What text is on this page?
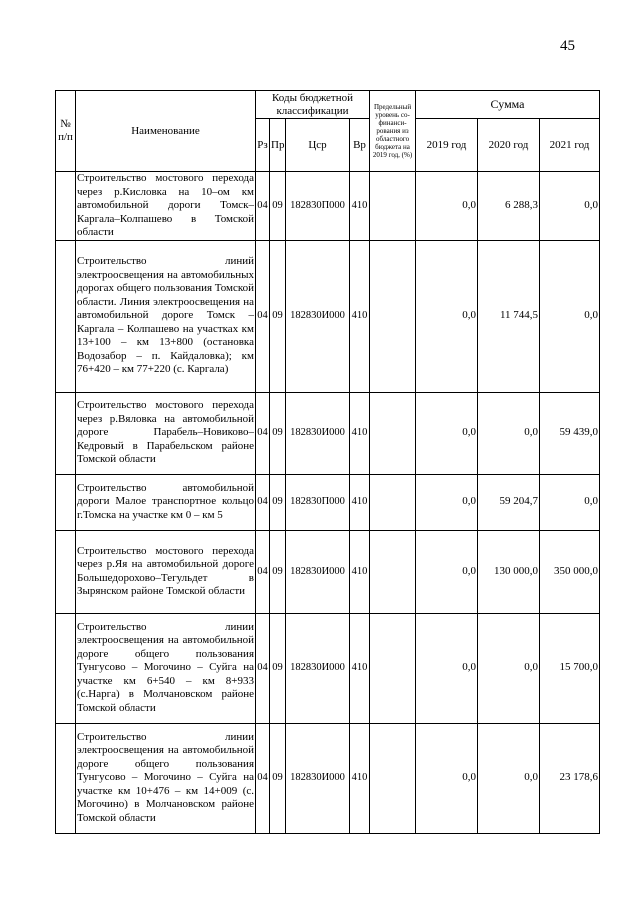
45
№ п/п	Наименование	Коды бюджетной классификации				Предельный уровень со-финанси-рования из областного бюджета на 2019 год, (%)	Сумма		
		Рз	Пр	Цср	Вр		2019 год	2020 год	2021 год
	Строительство мостового перехода через р.Кисловка на 10–ом км автомобильной дороги Томск–Каргала–Колпашево в Томской области	04	09	182830П000	410		0,0	6 288,3	0,0
	Строительство линий электроосвещения на автомобильных дорогах общего пользования Томской области. Линия электроосвещения на автомобильной дороге Томск – Каргала – Колпашево на участках км 13+100 – км 13+800 (остановка Водозабор – п. Кайдаловка); км 76+420 – км 77+220 (с. Каргала)	04	09	182830И000	410		0,0	11 744,5	0,0
	Строительство мостового перехода через р.Вяловка на автомобильной дороге Парабель–Новиково–Кедровый в Парабельском районе Томской области	04	09	182830И000	410		0,0	0,0	59 439,0
	Строительство автомобильной дороги Малое транспортное кольцо г.Томска на участке км 0 – км 5	04	09	182830П000	410		0,0	59 204,7	0,0
	Строительство мостового перехода через р.Яя на автомобильной дороге Большедорохово–Тегульдет в Зырянском районе Томской области	04	09	182830И000	410		0,0	130 000,0	350 000,0
	Строительство линии электроосвещения на автомобильной дороге общего пользования Тунгусово – Могочино – Суйга на участке км 6+540 – км 8+933 (с.Нарга) в Молчановском районе Томской области	04	09	182830И000	410		0,0	0,0	15 700,0
	Строительство линии электроосвещения на автомобильной дороге общего пользования Тунгусово – Могочино – Суйга на участке км 10+476 – км 14+009 (с. Могочино) в Молчановском районе Томской области	04	09	182830И000	410		0,0	0,0	23 178,6
